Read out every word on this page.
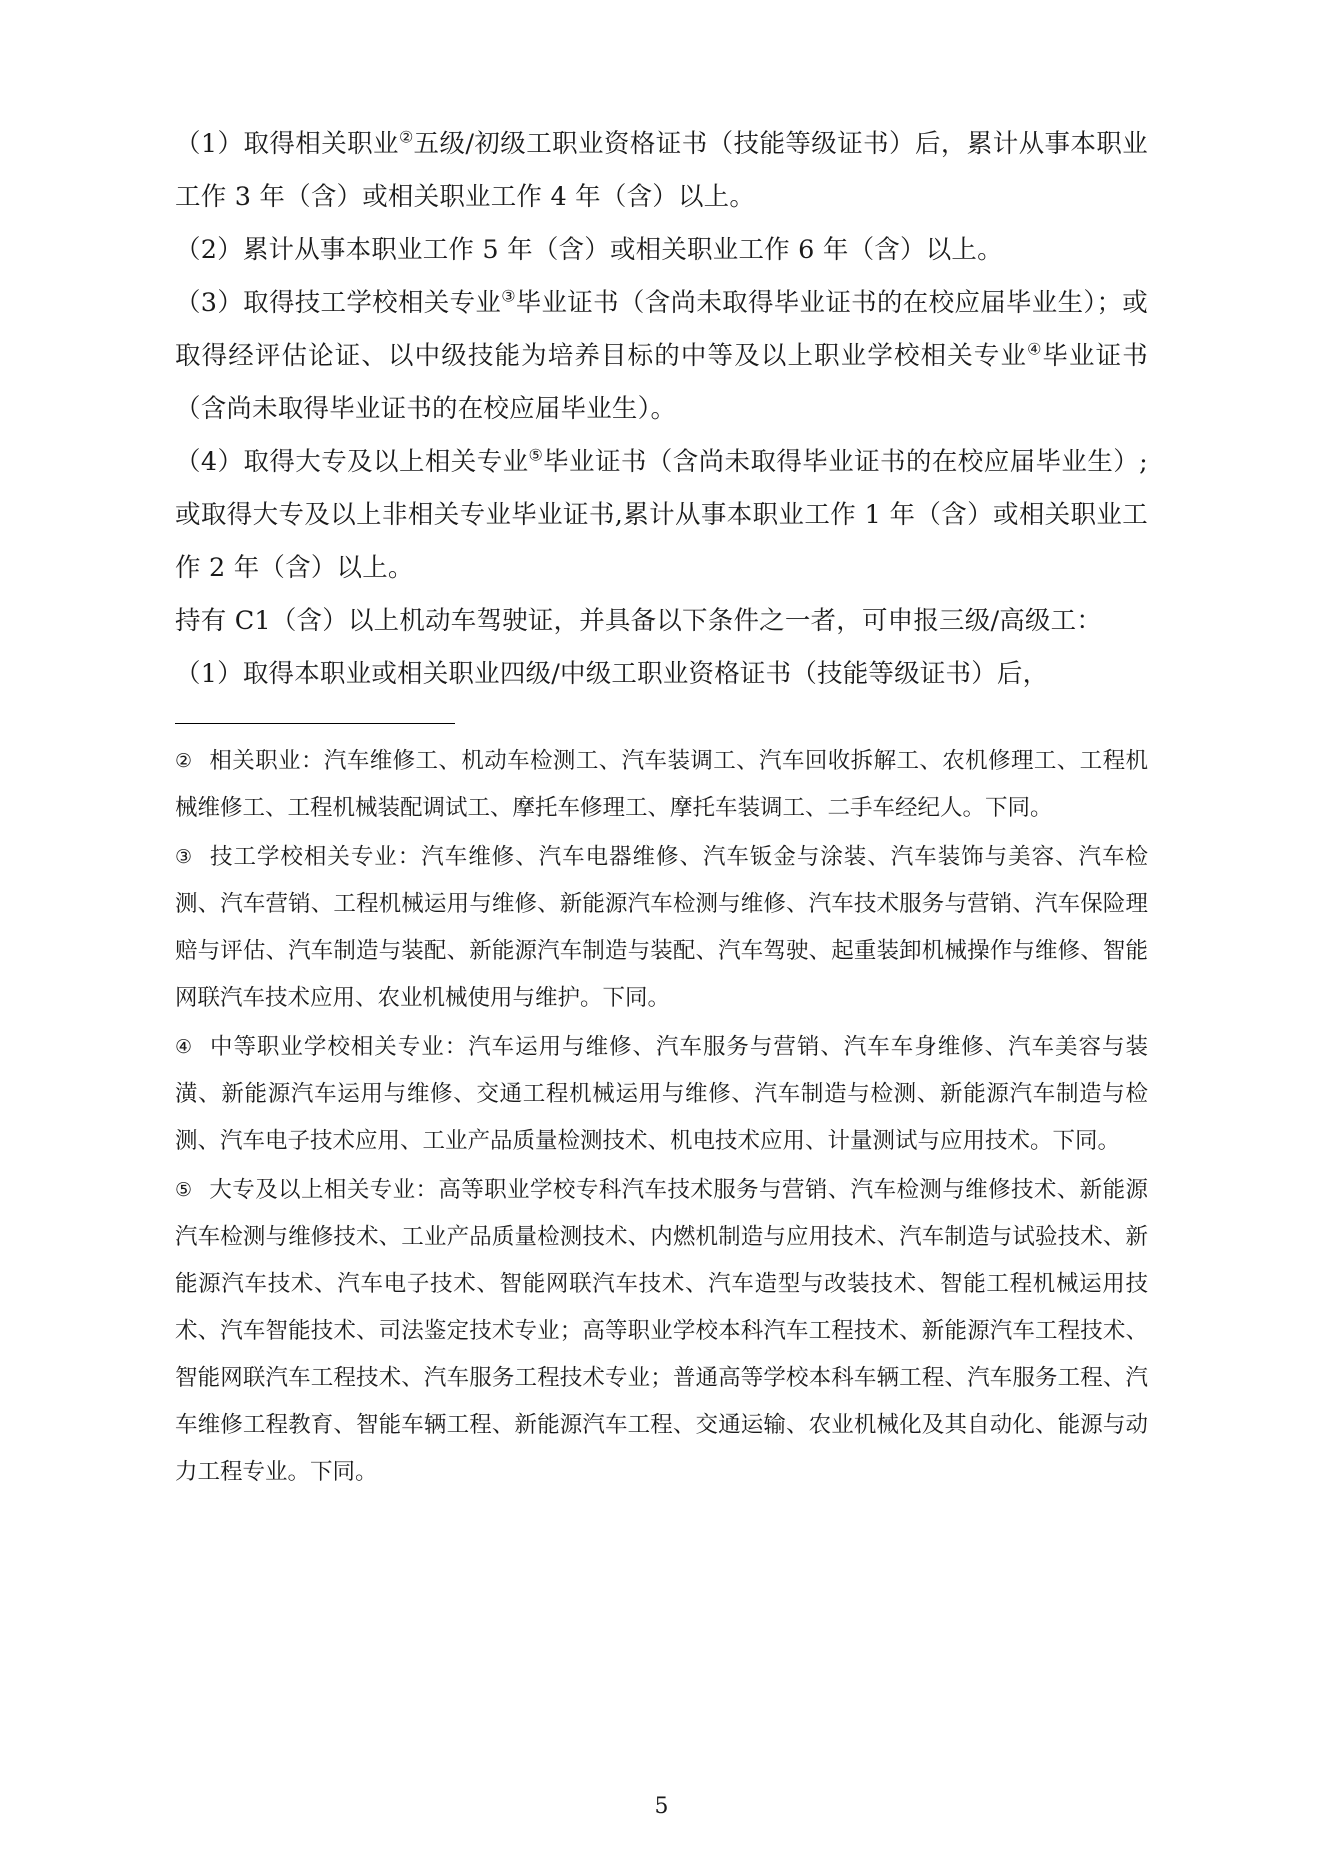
（1）取得相关职业②五级/初级工职业资格证书（技能等级证书）后，累计从事本职业工作 3 年（含）或相关职业工作 4 年（含）以上。

（2）累计从事本职业工作 5 年（含）或相关职业工作 6 年（含）以上。

（3）取得技工学校相关专业③毕业证书（含尚未取得毕业证书的在校应届毕业生）；或取得经评估论证、以中级技能为培养目标的中等及以上职业学校相关专业④毕业证书（含尚未取得毕业证书的在校应届毕业生）。

（4）取得大专及以上相关专业⑤毕业证书（含尚未取得毕业证书的在校应届毕业生）;或取得大专及以上非相关专业毕业证书,累计从事本职业工作 1 年（含）或相关职业工作 2 年（含）以上。

持有 C1（含）以上机动车驾驶证，并具备以下条件之一者，可申报三级/高级工：

（1）取得本职业或相关职业四级/中级工职业资格证书（技能等级证书）后，

② 相关职业：汽车维修工、机动车检测工、汽车装调工、汽车回收拆解工、农机修理工、工程机械维修工、工程机械装配调试工、摩托车修理工、摩托车装调工、二手车经纪人。下同。

③ 技工学校相关专业：汽车维修、汽车电器维修、汽车钣金与涂装、汽车装饰与美容、汽车检测、汽车营销、工程机械运用与维修、新能源汽车检测与维修、汽车技术服务与营销、汽车保险理赔与评估、汽车制造与装配、新能源汽车制造与装配、汽车驾驶、起重装卸机械操作与维修、智能网联汽车技术应用、农业机械使用与维护。下同。

④ 中等职业学校相关专业：汽车运用与维修、汽车服务与营销、汽车车身维修、汽车美容与装潢、新能源汽车运用与维修、交通工程机械运用与维修、汽车制造与检测、新能源汽车制造与检测、汽车电子技术应用、工业产品质量检测技术、机电技术应用、计量测试与应用技术。下同。

⑤ 大专及以上相关专业：高等职业学校专科汽车技术服务与营销、汽车检测与维修技术、新能源汽车检测与维修技术、工业产品质量检测技术、内燃机制造与应用技术、汽车制造与试验技术、新能源汽车技术、汽车电子技术、智能网联汽车技术、汽车造型与改装技术、智能工程机械运用技术、汽车智能技术、司法鉴定技术专业；高等职业学校本科汽车工程技术、新能源汽车工程技术、智能网联汽车工程技术、汽车服务工程技术专业；普通高等学校本科车辆工程、汽车服务工程、汽车维修工程教育、智能车辆工程、新能源汽车工程、交通运输、农业机械化及其自动化、能源与动力工程专业。下同。

5
